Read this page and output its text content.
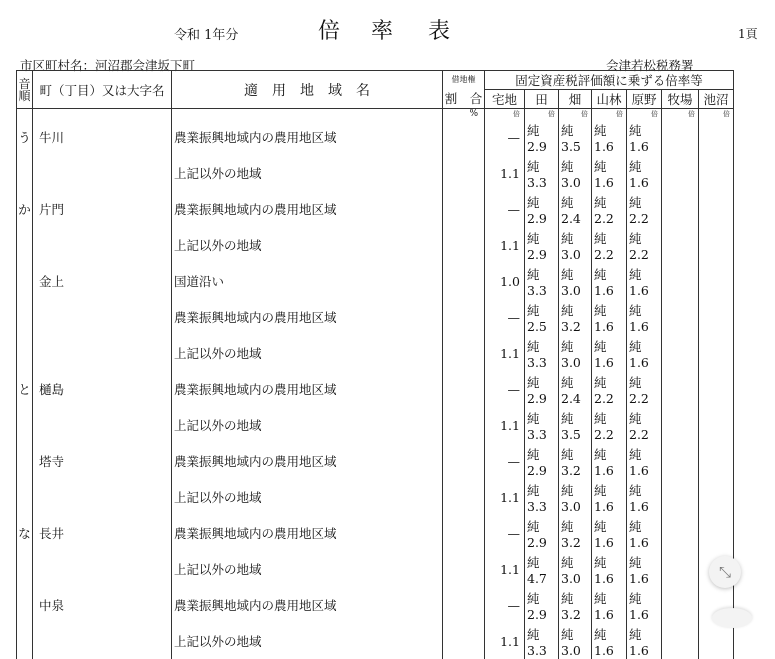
令和 1年分	倍 率 表	1頁
市区町村名：河沼郡会津坂下町	会津若松税務署
音順	町（丁目）又は大字名	適　用　地　域　名	借地権	固定資産税評価額に乗ずる倍率等						
			割　合	宅地	田	畑	山林	原野	牧場	池沼
			%	倍	倍	倍	倍	倍	倍	倍
う	牛川	農業振興地域内の農用地区域		—	純 2.9	純 3.5	純 1.6	純 1.6		
		上記以外の地域		1.1	純 3.3	純 3.0	純 1.6	純 1.6		
か	片門	農業振興地域内の農用地区域		—	純 2.9	純 2.4	純 2.2	純 2.2		
		上記以外の地域		1.1	純 2.9	純 3.0	純 2.2	純 2.2		
	金上	国道沿い		1.0	純 3.3	純 3.0	純 1.6	純 1.6		
		農業振興地域内の農用地区域		—	純 2.5	純 3.2	純 1.6	純 1.6		
		上記以外の地域		1.1	純 3.3	純 3.0	純 1.6	純 1.6		
と	樋島	農業振興地域内の農用地区域		—	純 2.9	純 2.4	純 2.2	純 2.2		
		上記以外の地域		1.1	純 3.3	純 3.5	純 2.2	純 2.2		
	塔寺	農業振興地域内の農用地区域		—	純 2.9	純 3.2	純 1.6	純 1.6		
		上記以外の地域		1.1	純 3.3	純 3.0	純 1.6	純 1.6		
な	長井	農業振興地域内の農用地区域		—	純 2.9	純 3.2	純 1.6	純 1.6		
		上記以外の地域		1.1	純 4.7	純 3.0	純 1.6	純 1.6		
	中泉	農業振興地域内の農用地区域		—	純 2.9	純 3.2	純 1.6	純 1.6		
		上記以外の地域		1.1	純 3.3	純 3.0	純 1.6	純 1.6		
⤡
